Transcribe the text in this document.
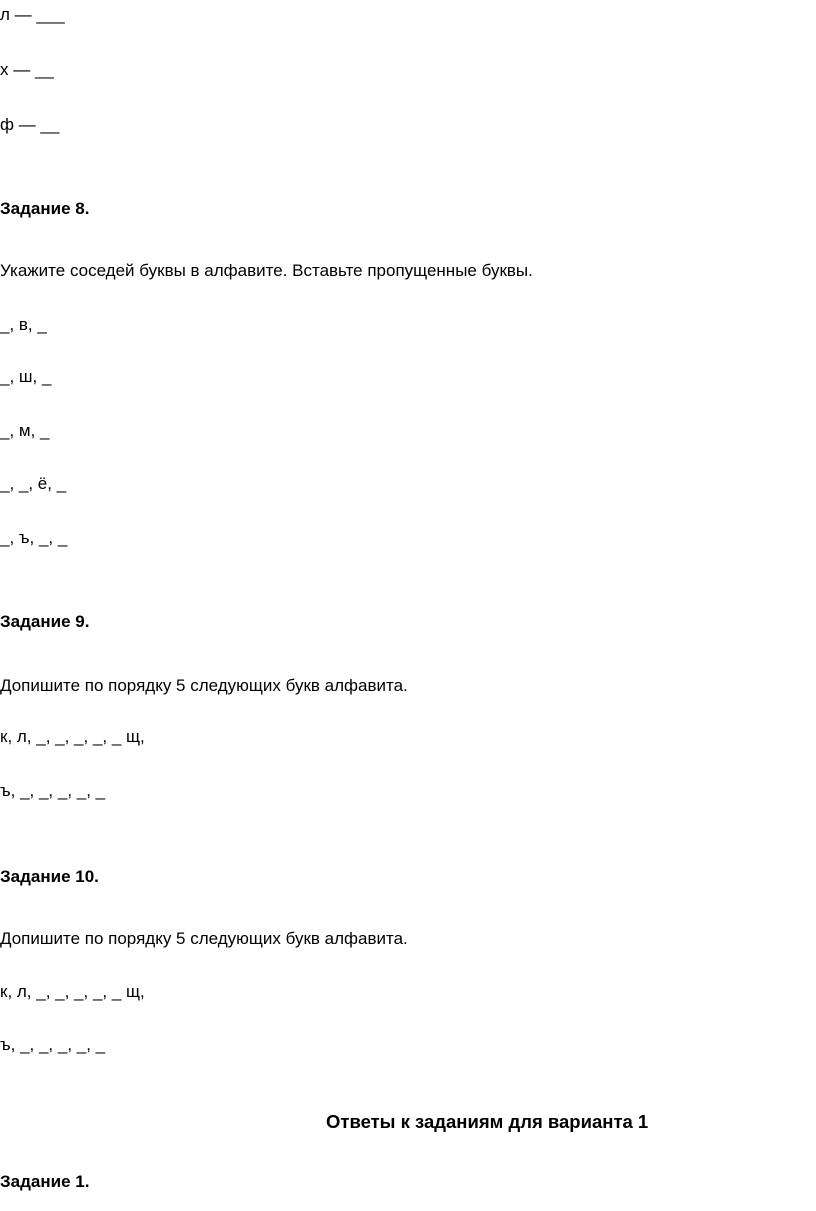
л — ___

х — __

ф — __

Задание 8.

Укажите соседей буквы в алфавите. Вставьте пропущенные буквы.

_, в, _

_, ш, _

_, м, _

_, _, ё, _

_, ъ, _, _

Задание 9.

Допишите по порядку 5 следующих букв алфавита.

к, л, _, _, _, _, _ щ,

ъ, _, _, _, _, _

Задание 10.

Допишите по порядку 5 следующих букв алфавита.

к, л, _, _, _, _, _ щ,

ъ, _, _, _, _, _

Ответы к заданиям для варианта 1

Задание 1.
